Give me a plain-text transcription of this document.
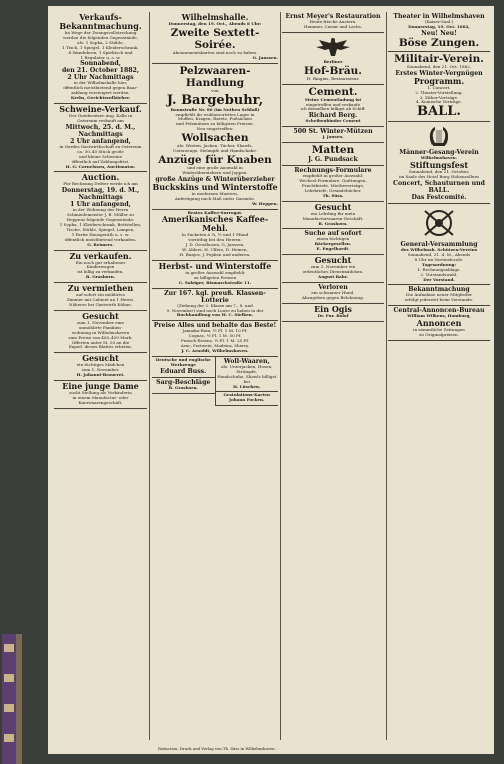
Verkaufs-Bekanntmachung.
Im Wege der Zwangsvollstreckung
werden die folgenden Gegenstände,
als: 1 Sopha, 2 Stühle,
1 Tisch, 1 Spiegel, 1 Kleiderschrank,
4 Wanduhren, 1 Spieltisch und
1 Regulator u. s. w.
Sonnabend,
den 21. October 1882,
2 Uhr Nachmittags
in der Wilhelmshalle hier,
öffentlich meistbietend gegen Baar-
zahlung versteigert werden.
Krebs, Gerichtsvollzieher.
Schweine-Verkauf.
Der Gutsbesitzer Aug. Kalle in
Ostersum verkauft am
Mittwoch, 25. d. M.,
Nachmittags
2 Uhr anfangend,
in Gerdes Gastwirthschaft zu Ostersum
ca. 30–40 Stück große
und kleine Schweine
öffentlich auf Zahlungsfrist.
H. G. Cornelssen, Auctionator.
Auction.
Für Rechnung Dritter werde ich am
Donnerstag, 19. d. M.,
Nachmittags
1 Uhr anfangend,
in der Wohnung des Herrn
Schmiedemeister J. B. Müller zu
Heppens folgende Gegenstände:
1 Sopha, 1 Kleiderschrank, Bettstellen,
Tische, Stühle, Spiegel, Lampen,
1 Partie Hausgeräth u. s. w.
öffentlich meistbietend verkaufen.
G. Reimers.
Zu verkaufen.
Ein noch gut erhaltener
Kinderwagen
ist billig zu verkaufen.
B. Grashorn.
Zu vermiethen
auf sofort ein möblirtes
Zimmer mit Cabinet an 1 Herrn.
Näheres bei Gastwirth Kühne.
Gesucht
zum 1. November eine
unmöblirte Familien-
wohnung in Wilhelmshaven
zum Preise von 400–450 Mark.
Offerten unter M. 50 an die
Exped. dieses Blattes erbeten.
Gesucht
ein tüchtiges Mädchen
zum 1. November.
H. Johanni-Brauerei.
Eine junge Dame
sucht Stellung als Verkäuferin
in einem Manufactur- oder
Kurzwaarengeschäft.
Wilhelmshalle.
Donnerstag, den 19. Oct., Abends 8 Uhr:
Zweite Sextett-Soirée.
Abonnementskarten sind noch zu haben.
G. Janssen.
Pelzwaaren-Handlung
von
J. Bargebuhr,
Roonstraße Nr. 86 (im Nothen Schloß)
empfiehlt ihr wohlassortirtes Lager in
Muffen, Kragen, Barets, Fußsäcken
und Pelzmützen zu billigsten Preisen.
Neu eingetroffen:
Wollsachen
als: Westen, Jacken, Tücher, Shawls,
Unterzeuge, Strümpfe und Handschuhe.
Anzüge für Knaben
und eine große Auswahl in
Winterüberziehern und Joppen.
große Anzüge & Winterüberzieher
Buckskins und Winterstoffe
in modernen Mustern,
Anfertigung nach Maß unter Garantie.
W. Heppen.
Bestes Kaffee-Surrogat.
Amerikanisches Kaffee-Mehl.
In Packeten à ¼, ½ und 1 Pfund
vorräthig bei den Herren:
J. D. Grosthusen, G. Janssen,
W. Ahlers, H. Ulfers, D. Heinen,
H. Bunjes, J. Popken und anderen.
Herbst- und Winterstoffe
in großer Auswahl empfiehlt
zu billigsten Preisen
C. Salziger, Bismarckstraße 11.
Zur 167. kgl. preuß. Klassen-Lotterie
(Ziehung der 2. Klasse am 7., 8. und
9. November) sind noch Loose zu haben in der
Buchhandlung von W. C. Siefken.
Preise Alles und behalte das Beste!
Jamaika-Rum, ½ Fl. 1 M. 10 Pf.
Cognac, ½ Fl. 1 M. 50 Pf.
Punsch-Essenz, ½ Fl. 1 M. 25 Pf.
Arac, Portwein, Madeira, Sherry.
J. C. Arnoldt, Wilhelmshaven.
Deutsche und englische Werkzeuge
Eduard Buss.
Sarg-Beschläge
B. Grashorn.
Woll-Waaren,
als: Unterjacken, Hosen, Strümpfe,
Handschuhe, Shawls billigst bei
H. Lüschen.
Gratulations-Karten
Johann Focken.
Ernst Meyer's Restauration
Heute frische Austern.
Hummer, Caviar und Lachs.
Berliner
Hof-Bräu.
H. Ringius, Restaurateur.
Cement.
Meine Cementladung ist
eingetroffen und verkaufe
ich denselben billigst ab Schiff.
Richard Berg.
Scheibenbinder Cement
500 St. Winter-Mützen
J. Jansen.
Matten
J. G. Pundsack
Rechnungs-Formulare
empfiehlt in großer Auswahl:
Wechsel-Formulare, Quittungen,
Frachtbriefe, Mietheverträge,
Lehrbriefe, Gesindebücher.
Th. Süss.
Gesucht
ein Lehrling für mein
Manufacturwaaren-Geschäft.
B. Grashorn.
Suche auf sofort
einen tüchtigen
Bäckergesellen.
E. Engelhardt.
Gesucht
zum 1. November ein
ordentliches Dienstmädchen.
August Bahr.
Verloren
ein schwarzer Hund.
Abzugeben gegen Belohnung.
Ein Ogis
Dr. Fur. Rolof
Theater in Wilhelmshaven
(Kaiser-Saal.)
Donnerstag, 19. Oct. 1882,
Neu! Neu!
Böse Zungen.
Militair-Verein.
Sonnabend, den 21. Oct. 1882,
Erstes Winter-Vergnügen
Programm.
1. Concert.
2. Theater-Vorstellung.
3. Zither-Vorträge.
4. Komische Vorträge.
BALL.
Männer-Gesang-Verein
Wilhelmshaven.
Stiftungsfest
Sonnabend, den 21. October,
im Saale des Hotel Burg Hohenzollern
Concert, Schauturnen und BALL.
Das Festcomité.
General-Versammlung
des Wilhelmsh. Schützen-Vereins
Sonnabend, 21. d. M., Abends
8 Uhr im Vereinslocale.
Tagesordnung:
1. Rechnungsablage.
2. Vorstandswahl.
Der Vorstand.
Bekanntmachung
Die Aufnahme neuer Mitglieder
erfolgt jederzeit beim Vorstande.
Central-Annoncen-Bureau
William Wilkens, Hamburg,
Annoncen
in sämmtliche Zeitungen
zu Originalpreisen.
Redaction, Druck und Verlag von Th. Süss in Wilhelmshaven.
